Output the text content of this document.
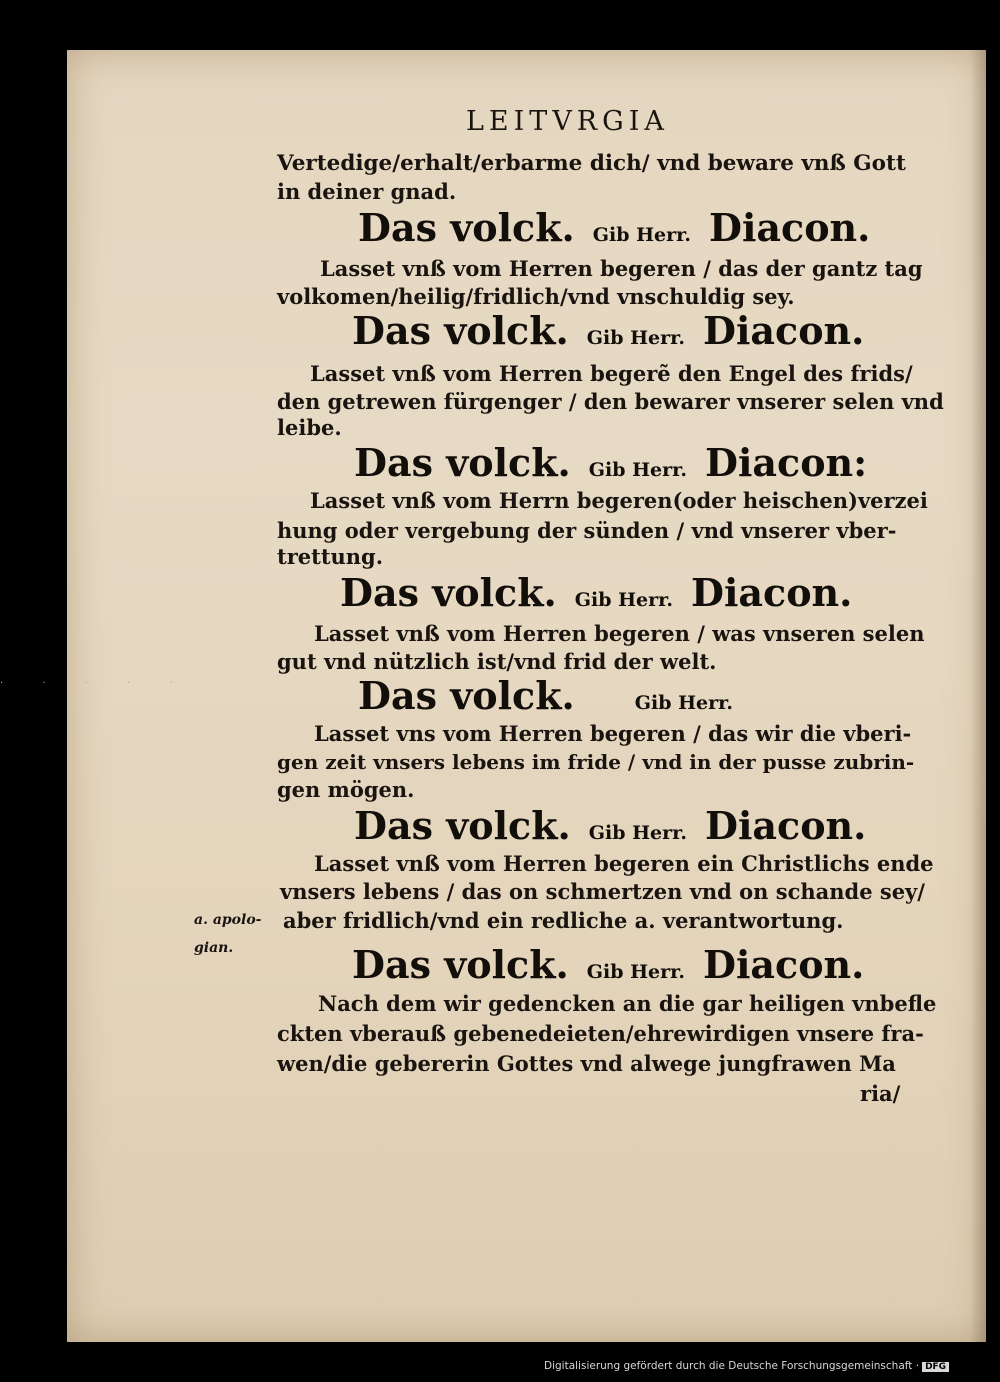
· · · · ·
LEITVRGIA

Vertedige/erhalt/erbarme dich/ vnd beware vnß Gott

in deiner gnad.

Das volck. Gib Herr. Diacon.

Lasset vnß vom Herren begeren / das der gantz tag

volkomen/heilig/fridlich/vnd vnschuldig sey.

Das volck. Gib Herr. Diacon.

Lasset vnß vom Herren begerẽ den Engel des frids/

den getrewen fürgenger / den bewarer vnserer selen vnd

leibe.

Das volck. Gib Herr. Diacon:

Lasset vnß vom Herrn begeren(oder heischen)verzei

hung oder vergebung der sünden / vnd vnserer vber-

trettung.

Das volck. Gib Herr. Diacon.

Lasset vnß vom Herren begeren / was vnseren selen

gut vnd nützlich ist/vnd frid der welt.

Das volck.	Gib Herr.

Lasset vns vom Herren begeren / das wir die vberi-

gen zeit vnsers lebens im fride / vnd in der pusse zubrin-

gen mögen.

Das volck. Gib Herr. Diacon.

Lasset vnß vom Herren begeren ein Christlichs ende

vnsers lebens / das on schmertzen vnd on schande sey/

aber fridlich/vnd ein redliche a. verantwortung.

a. apolo-
gian.	Das volck. Gib Herr. Diacon.

Nach dem wir gedencken an die gar heiligen vnbefle

ckten vberauß gebenedeieten/ehrewirdigen vnsere fra-

wen/die gebererin Gottes vnd alwege jungfrawen Ma

ria/

Digitalisierung gefördert durch die Deutsche Forschungsgemeinschaft · DFG
